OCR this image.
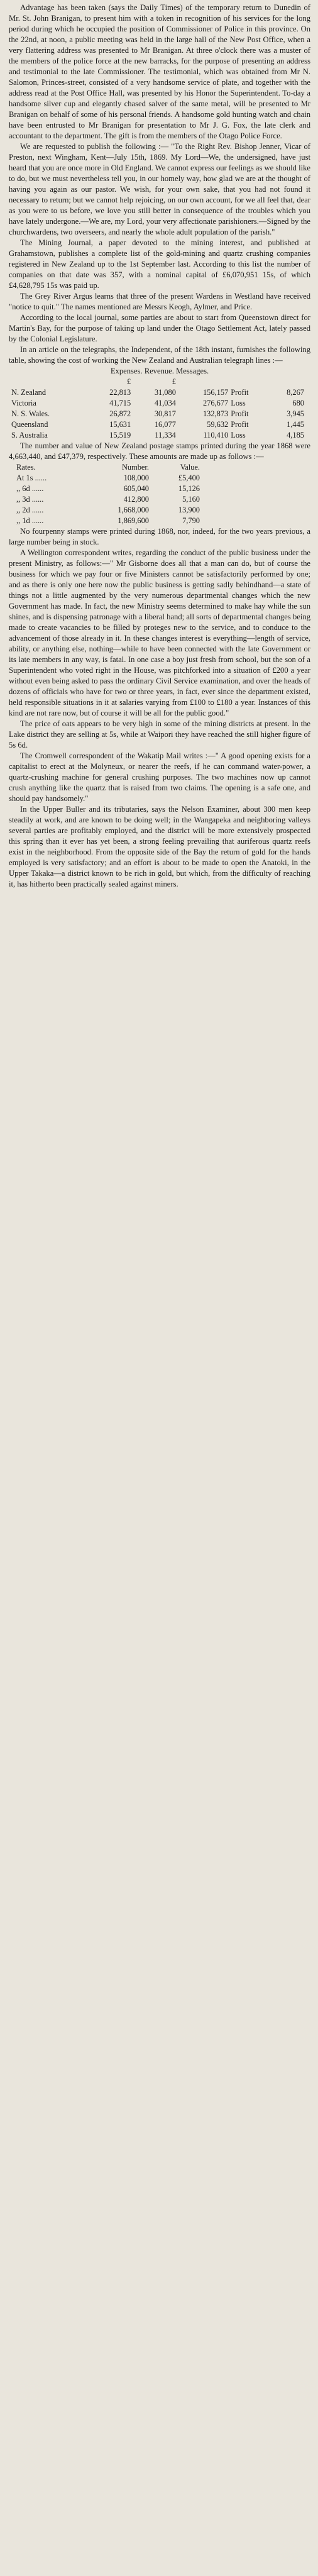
Advantage has been taken (says the Daily Times) of the temporary return to Dunedin of Mr. St. John Branigan, to present him with a token in recognition of his services for the long period during which he occupied the position of Commissioner of Police in this province. On the 22nd, at noon, a public meeting was held in the large hall of the New Post Office, when a very flattering address was presented to Mr Branigan. At three o'clock there was a muster of the members of the police force at the new barracks, for the purpose of presenting an address and testimonial to the late Commissioner. The testimonial, which was obtained from Mr N. Salomon, Princes-street, consisted of a very handsome service of plate, and together with the address read at the Post Office Hall, was presented by his Honor the Superintendent. To-day a handsome silver cup and elegantly chased salver of the same metal, will be presented to Mr Branigan on behalf of some of his personal friends. A handsome gold hunting watch and chain have been entrusted to Mr Branigan for presentation to Mr J. G. Fox, the late clerk and accountant to the department. The gift is from the members of the Otago Police Force.

We are requested to publish the following :— "To the Right Rev. Bishop Jenner, Vicar of Preston, next Wingham, Kent—July 15th, 1869. My Lord—We, the undersigned, have just heard that you are once more in Old England. We cannot express our feelings as we should like to do, but we must nevertheless tell you, in our homely way, how glad we are at the thought of having you again as our pastor. We wish, for your own sake, that you had not found it necessary to return; but we cannot help rejoicing, on our own account, for we all feel that, dear as you were to us before, we love you still better in consequence of the troubles which you have lately undergone.—We are, my Lord, your very affectionate parishioners.—Signed by the churchwardens, two overseers, and nearly the whole adult population of the parish."

The Mining Journal, a paper devoted to the mining interest, and published at Grahamstown, publishes a complete list of the gold-mining and quartz crushing companies registered in New Zealand up to the 1st September last. According to this list the number of companies on that date was 357, with a nominal capital of £6,070,951 15s, of which £4,628,795 15s was paid up.

The Grey River Argus learns that three of the present Wardens in Westland have received "notice to quit." The names mentioned are Messrs Keogh, Aylmer, and Price.

According to the local journal, some parties are about to start from Queenstown direct for Martin's Bay, for the purpose of taking up land under the Otago Settlement Act, lately passed by the Colonial Legislature.

In an article on the telegraphs, the Independent, of the 18th instant, furnishes the following table, showing the cost of working the New Zealand and Australian telegraph lines :—

Expenses. Revenue. Messages.

	£	£			
N. Zealand	22,813	31,080	156,157	Profit	8,267
Victoria	41,715	41,034	276,677	Loss	680
N. S. Wales.	26,872	30,817	132,873	Profit	3,945
Queensland	15,631	16,077	59,632	Profit	1,445
S. Australia	15,519	11,334	110,410	Loss	4,185

The number and value of New Zealand postage stamps printed during the year 1868 were 4,663,440, and £47,379, respectively. These amounts are made up as follows :—

Rates.	Number.	Value.
At 1s ......	108,000	£5,400
,, 6d ......	605,040	15,126
,, 3d ......	412,800	5,160
,, 2d ......	1,668,000	13,900
,, 1d ......	1,869,600	7,790

No fourpenny stamps were printed during 1868, nor, indeed, for the two years previous, a large number being in stock.

A Wellington correspondent writes, regarding the conduct of the public business under the present Ministry, as follows:—" Mr Gisborne does all that a man can do, but of course the business for which we pay four or five Ministers cannot be satisfactorily performed by one; and as there is only one here now the public business is getting sadly behindhand—a state of things not a little augmented by the very numerous departmental changes which the new Government has made. In fact, the new Ministry seems determined to make hay while the sun shines, and is dispensing patronage with a liberal hand; all sorts of departmental changes being made to create vacancies to be filled by proteges new to the service, and to conduce to the advancement of those already in it. In these changes interest is everything—length of service, ability, or anything else, nothing—while to have been connected with the late Government or its late members in any way, is fatal. In one case a boy just fresh from school, but the son of a Superintendent who voted right in the House, was pitchforked into a situation of £200 a year without even being asked to pass the ordinary Civil Service examination, and over the heads of dozens of officials who have for two or three years, in fact, ever since the department existed, held responsible situations in it at salaries varying from £100 to £180 a year. Instances of this kind are not rare now, but of course it will be all for the public good."

The price of oats appears to be very high in some of the mining districts at present. In the Lake district they are selling at 5s, while at Waipori they have reached the still higher figure of 5s 6d.

The Cromwell correspondent of the Wakatip Mail writes :—" A good opening exists for a capitalist to erect at the Molyneux, or nearer the reefs, if he can command water-power, a quartz-crushing machine for general crushing purposes. The two machines now up cannot crush anything like the quartz that is raised from two claims. The opening is a safe one, and should pay handsomely."

In the Upper Buller and its tributaries, says the Nelson Examiner, about 300 men keep steadily at work, and are known to be doing well; in the Wangapeka and neighboring valleys several parties are profitably employed, and the district will be more extensively prospected this spring than it ever has yet been, a strong feeling prevailing that auriferous quartz reefs exist in the neighborhood. From the opposite side of the Bay the return of gold for the hands employed is very satisfactory; and an effort is about to be made to open the Anatoki, in the Upper Takaka—a district known to be rich in gold, but which, from the difficulty of reaching it, has hitherto been practically sealed against miners.
